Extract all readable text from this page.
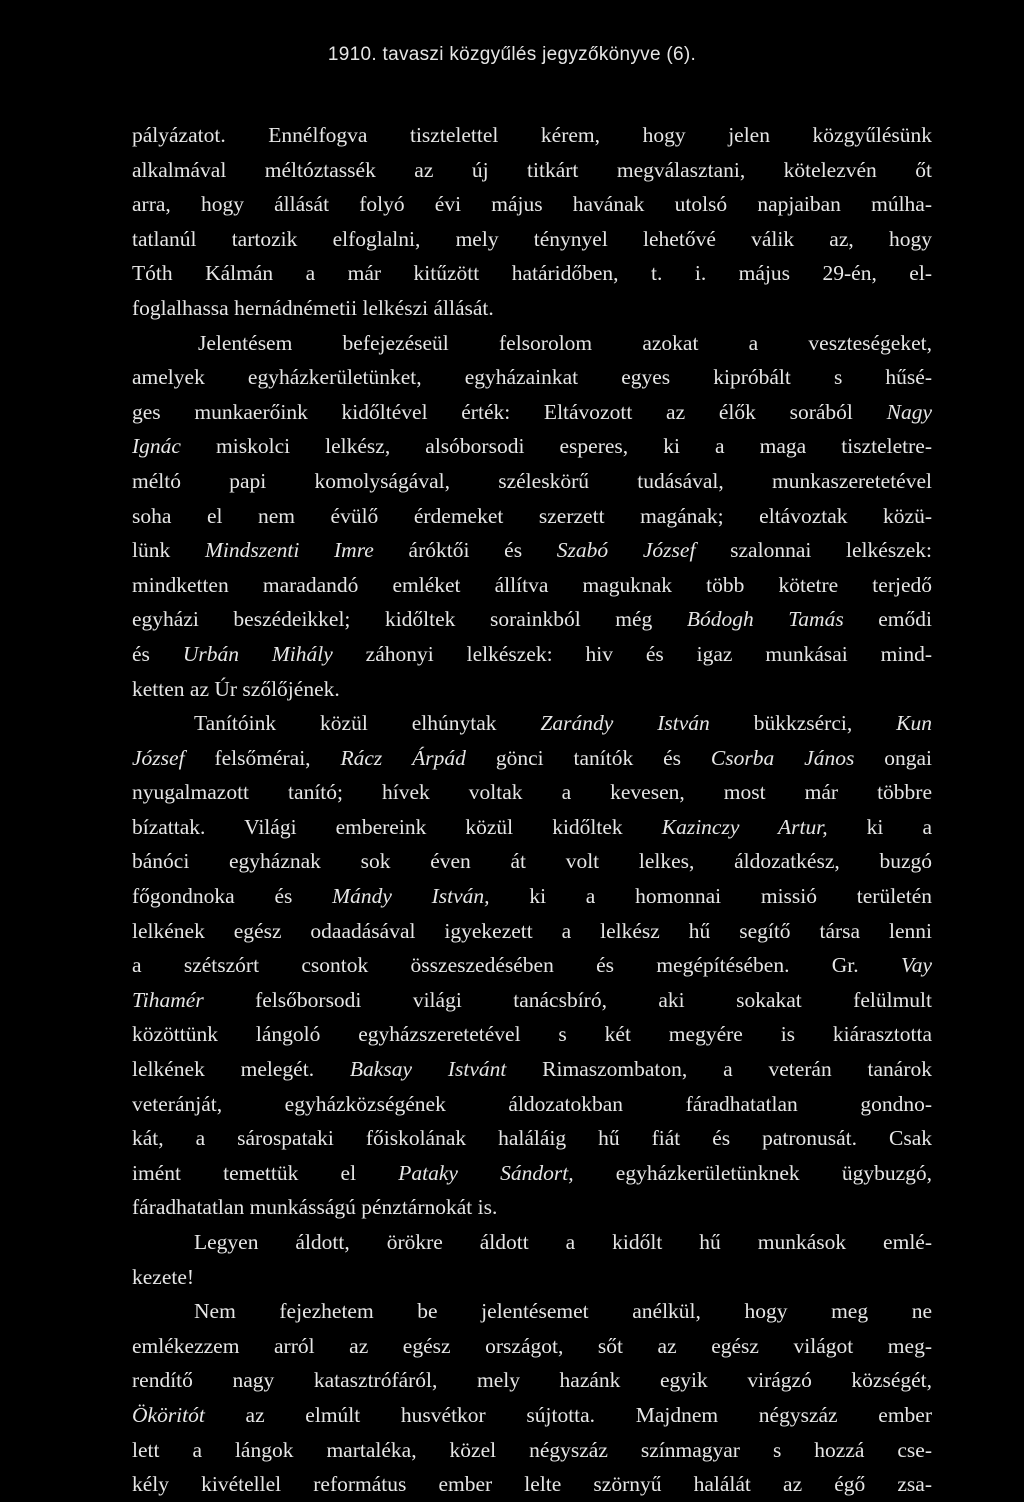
1910. tavaszi közgyűlés jegyzőkönyve (6).
pályázatot. Ennélfogva tisztelettel kérem, hogy jelen közgyűlésünk
alkalmával méltóztassék az új titkárt megválasztani, kötelezvén őt
arra, hogy állását folyó évi május havának utolsó napjaiban múlha-
tatlanúl tartozik elfoglalni, mely ténynyel lehetővé válik az, hogy
Tóth Kálmán a már kitűzött határidőben, t. i. május 29-én, el-
foglalhassa hernádnémetii lelkészi állását.
Jelentésem befejezéseül felsorolom azokat a veszteségeket,
amelyek egyházkerületünket, egyházainkat egyes kipróbált s hűsé-
ges munkaerőink kidőltével érték: Eltávozott az élők sorából Nagy
Ignác miskolci lelkész, alsóborsodi esperes, ki a maga tiszteletre-
méltó papi komolyságával, széleskörű tudásával, munkaszeretetével
soha el nem évülő érdemeket szerzett magának; eltávoztak közü-
lünk Mindszenti Imre áróktői és Szabó József szalonnai lelkészek:
mindketten maradandó emléket állítva maguknak több kötetre terjedő
egyházi beszédeikkel; kidőltek sorainkból még Bódogh Tamás emődi
és Urbán Mihály záhonyi lelkészek: hiv és igaz munkásai mind-
ketten az Úr szőlőjének.
Tanítóink közül elhúnytak Zarándy István bükkzsérci, Kun
József felsőmérai, Rácz Árpád gönci tanítók és Csorba János ongai
nyugalmazott tanító; hívek voltak a kevesen, most már többre
bízattak. Világi embereink közül kidőltek Kazinczy Artur, ki a
bánóci egyháznak sok éven át volt lelkes, áldozatkész, buzgó
főgondnoka és Mándy István, ki a homonnai missió területén
lelkének egész odaadásával igyekezett a lelkész hű segítő társa lenni
a szétszórt csontok összeszedésében és megépítésében. Gr. Vay
Tihamér felsőborsodi világi tanácsbíró, aki sokakat felülmult
közöttünk lángoló egyházszeretetével s két megyére is kiárasztotta
lelkének melegét. Baksay Istvánt Rimaszombaton, a veterán tanárok
veteránját, egyházközségének áldozatokban fáradhatatlan gondno-
kát, a sárospataki főiskolának haláláig hű fiát és patronusát. Csak
imént temettük el Pataky Sándort, egyházkerületünknek ügybuzgó,
fáradhatatlan munkásságú pénztárnokát is.
Legyen áldott, örökre áldott a kidőlt hű munkások emlé-
kezete!
Nem fejezhetem be jelentésemet anélkül, hogy meg ne
emlékezzem arról az egész országot, sőt az egész világot meg-
rendítő nagy katasztrófáról, mely hazánk egyik virágzó községét,
Ököritót az elmúlt husvétkor sújtotta. Majdnem négyszáz ember
lett a lángok martaléka, közel négyszáz színmagyar s hozzá cse-
kély kivétellel református ember lelte szörnyű halálát az égő zsa-
